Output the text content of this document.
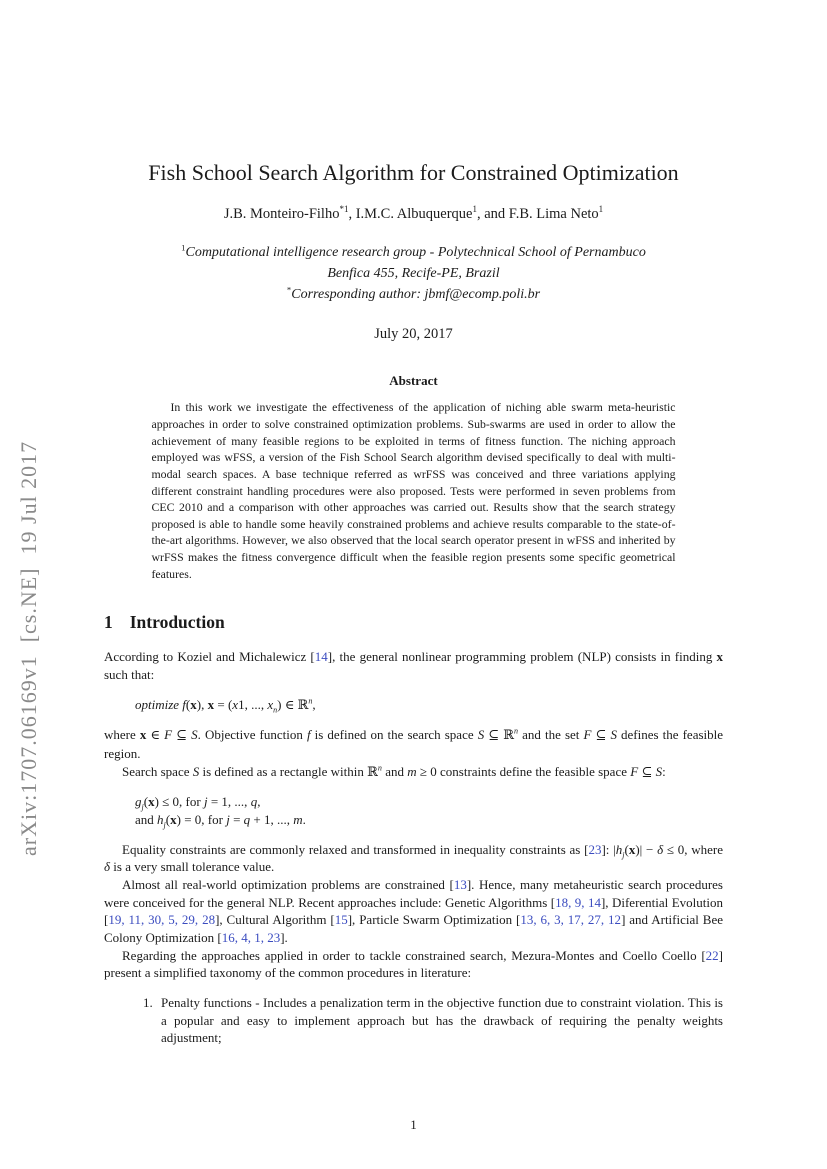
arXiv:1707.06169v1  [cs.NE]  19 Jul 2017
Fish School Search Algorithm for Constrained Optimization
J.B. Monteiro-Filho$^{*1}$, I.M.C. Albuquerque$^1$, and F.B. Lima Neto$^1$
$^1$Computational intelligence research group - Polytechnical School of Pernambuco
Benfica 455, Recife-PE, Brazil
*Corresponding author: jbmf@ecomp.poli.br
July 20, 2017
Abstract

In this work we investigate the effectiveness of the application of niching able swarm meta-heuristic approaches in order to solve constrained optimization problems. Sub-swarms are used in order to allow the achievement of many feasible regions to be exploited in terms of fitness function. The niching approach employed was wFSS, a version of the Fish School Search algorithm devised specifically to deal with multi-modal search spaces. A base technique referred as wrFSS was conceived and three variations applying different constraint handling procedures were also proposed. Tests were performed in seven problems from CEC 2010 and a comparison with other approaches was carried out. Results show that the search strategy proposed is able to handle some heavily constrained problems and achieve results comparable to the state-of-the-art algorithms. However, we also observed that the local search operator present in wFSS and inherited by wrFSS makes the fitness convergence difficult when the feasible region presents some specific geometrical features.

1 Introduction

According to Koziel and Michalewicz [14], the general nonlinear programming problem (NLP) consists in finding x such that:

optimize f(x), x = (x1, ..., $x_n$) ∈ ℝ$^n$,

where x ∈ F ⊆ S. Objective function f is defined on the search space S ⊆ ℝ$^n$ and the set F ⊆ S defines the feasible region.

Search space S is defined as a rectangle within ℝ$^n$ and m ≥ 0 constraints define the feasible space F ⊆ S:

$g_j(x) \le 0$, for j = 1, ..., q,
and $h_j(x) = 0$, for j = q + 1, ..., m.

Equality constraints are commonly relaxed and transformed in inequality constraints as [23]: $|h_j(x)| - \delta \le 0$, where δ is a very small tolerance value.

Almost all real-world optimization problems are constrained [13]. Hence, many metaheuristic search procedures were conceived for the general NLP. Recent approaches include: Genetic Algorithms [18, 9, 14], Diferential Evolution [19, 11, 30, 5, 29, 28], Cultural Algorithm [15], Particle Swarm Optimization [13, 6, 3, 17, 27, 12] and Artificial Bee Colony Optimization [16, 4, 1, 23].

Regarding the approaches applied in order to tackle constrained search, Mezura-Montes and Coello Coello [22] present a simplified taxonomy of the common procedures in literature:

1. Penalty functions - Includes a penalization term in the objective function due to constraint violation. This is a popular and easy to implement approach but has the drawback of requiring the penalty weights adjustment;
1
